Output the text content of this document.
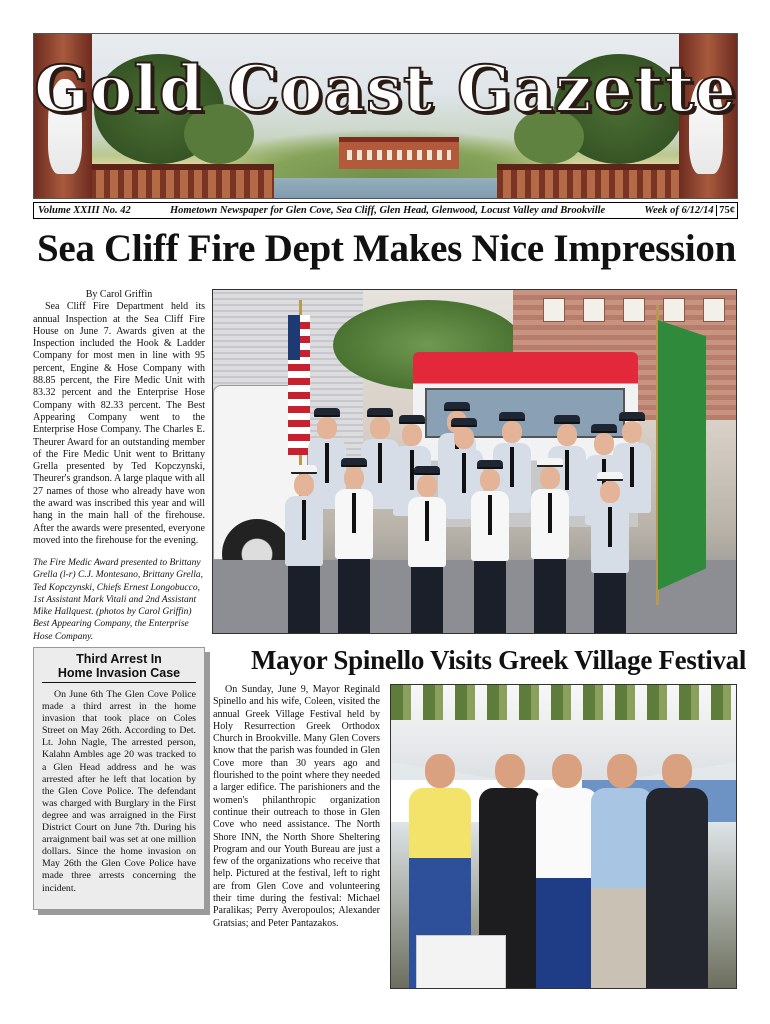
Gold Coast Gazette
Volume XXIII No. 42	Hometown Newspaper for Glen Cove, Sea Cliff, Glen Head, Glenwood, Locust Valley and Brookville	Week of 6/12/14 75¢
Sea Cliff Fire Dept Makes Nice Impression
By Carol Griffin

Sea Cliff Fire Department held its annual Inspection at the Sea Cliff Fire House on June 7. Awards given at the Inspection included the Hook & Ladder Company for most men in line with 95 percent, Engine & Hose Company with 88.85 percent, the Fire Medic Unit with 83.32 percent and the Enterprise Hose Company with 82.33 percent. The Best Appearing Company went to the Enterprise Hose Company. The Charles E. Theurer Award for an outstanding member of the Fire Medic Unit went to Brittany Grella presented by Ted Kopczynski, Theurer's grandson. A large plaque with all 27 names of those who already have won the award was inscribed this year and will hang in the main hall of the firehouse. After the awards were presented, everyone moved into the firehouse for the evening.

The Fire Medic Award presented to Brittany Grella (l-r) C.J. Montesano, Brittany Grella, Ted Kopczynski, Chiefs Ernest Longobucco, 1st Assistant Mark Vitali and 2nd Assistant Mike Hallquest. (photos by Carol Griffin) Best Appearing Company, the Enterprise Hose Company.
Third Arrest In
Home Invasion Case

On June 6th The Glen Cove Police made a third arrest in the home invasion that took place on Coles Street on May 26th. According to Det. Lt. John Nagle, The arrested person, Kalahn Ambles age 20 was tracked to a Glen Head address and he was arrested after he left that location by the Glen Cove Police. The defendant was charged with Burglary in the First degree and was arraigned in the First District Court on June 7th. During his arraignment bail was set at one million dollars. Since the home invasion on May 26th the Glen Cove Police have made three arrests concerning the incident.

Mayor Spinello Visits Greek Village Festival

On Sunday, June 9, Mayor Reginald Spinello and his wife, Coleen, visited the annual Greek Village Festival held by Holy Resurrection Greek Orthodox Church in Brookville. Many Glen Covers know that the parish was founded in Glen Cove more than 30 years ago and flourished to the point where they needed a larger edifice. The parishioners and the women's philanthropic organization continue their outreach to those in Glen Cove who need assistance. The North Shore INN, the North Shore Sheltering Program and our Youth Bureau are just a few of the organizations who receive that help. Pictured at the festival, left to right are from Glen Cove and volunteering their time during the festival: Michael Paralikas; Perry Averopoulos; Alexander Gratsias; and Peter Pantazakos.
